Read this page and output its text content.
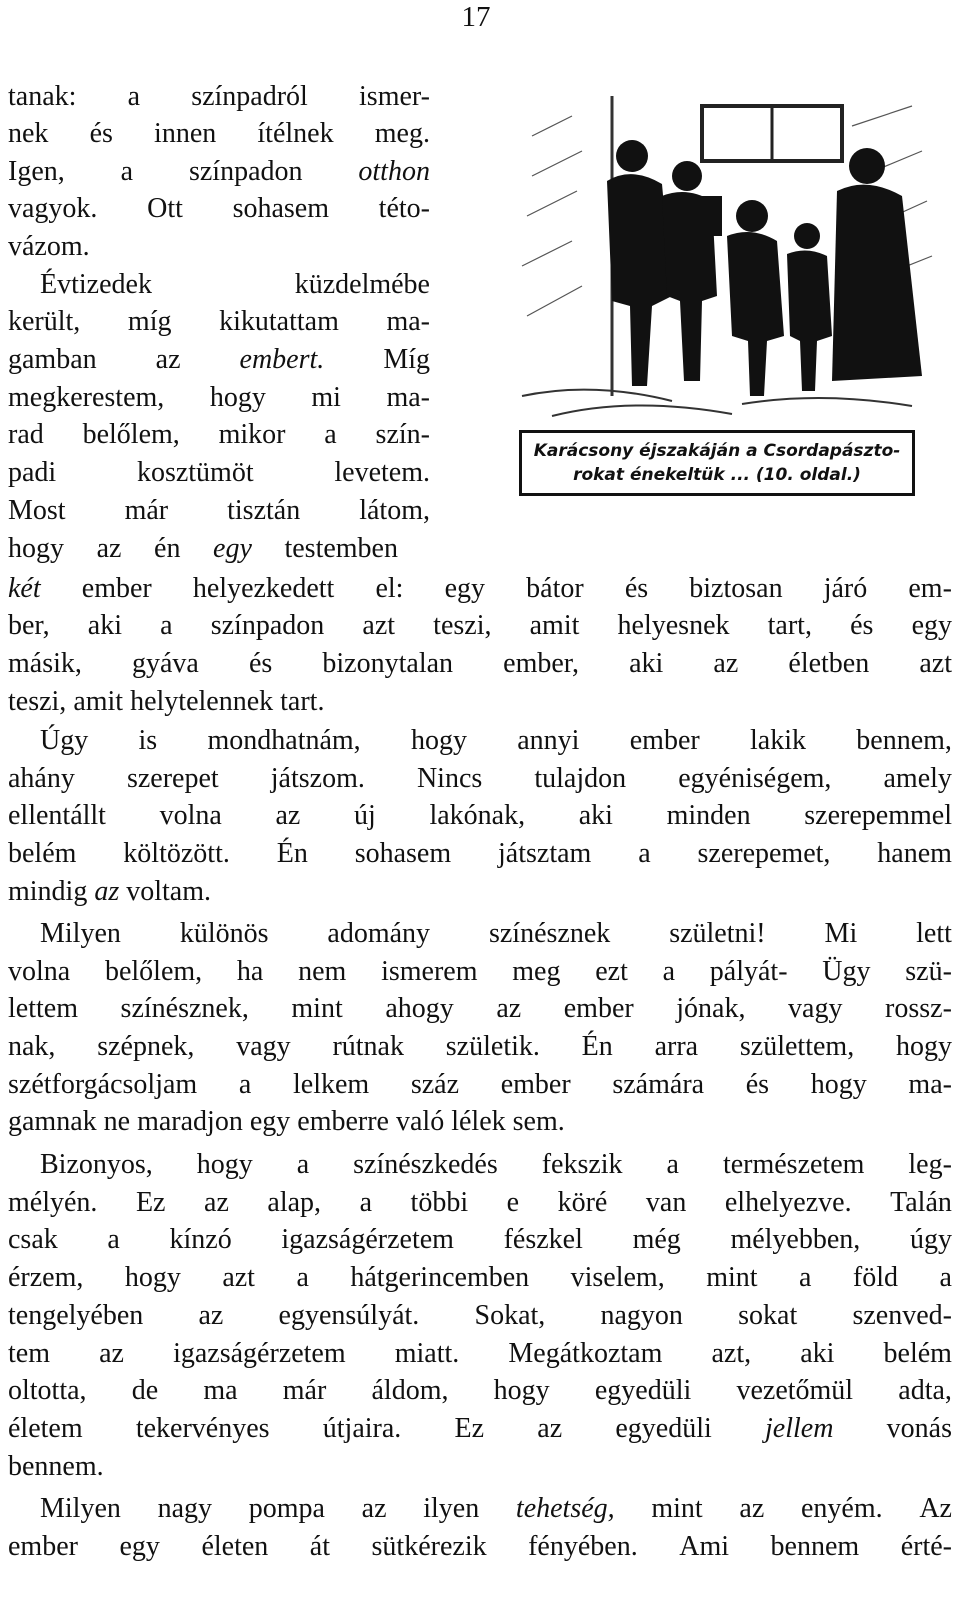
17
Karácsony éjszakáján a Csordapászto-
rokat énekeltük ... (10. oldal.)
tanak: a színpadról ismer-
nek és innen ítélnek meg.
Igen, a színpadon otthon
vagyok. Ott sohasem této-
vázom.
Évtizedek	küzdelmébe
került, míg kikutattam ma-
gamban az embert. Míg
megkerestem, hogy mi ma-
rad belőlem, mikor a szín-
padi	kosztümöt	levetem.
Most már tisztán látom,
hogy az én egy testemben
két ember helyezkedett el: egy bátor és biztosan járó em-
ber, aki a színpadon azt teszi, amit helyesnek tart, és egy
másik, gyáva és bizonytalan ember, aki az életben azt
teszi, amit helytelennek tart.
Úgy is mondhatnám, hogy annyi ember lakik bennem,
ahány szerepet játszom. Nincs tulajdon egyéniségem, amely
ellentállt volna az új lakónak, aki minden szerepemmel
belém költözött. Én sohasem játsztam a szerepemet, hanem
mindig az voltam.
Milyen különös adomány színésznek születni! Mi lett
volna belőlem, ha nem ismerem meg ezt a pályát- Ügy szü-
lettem színésznek, mint ahogy az ember jónak, vagy rossz-
nak, szépnek, vagy rútnak születik. Én arra születtem, hogy
szétforgácsoljam a lelkem száz ember számára és hogy ma-
gamnak ne maradjon egy emberre való lélek sem.
Bizonyos, hogy a színészkedés fekszik a természetem leg-
mélyén. Ez az alap, a többi e köré van elhelyezve. Talán
csak a kínzó igazságérzetem fészkel még mélyebben, úgy
érzem, hogy azt a hátgerincemben viselem, mint a föld a
tengelyében az egyensúlyát. Sokat, nagyon sokat szenved-
tem az igazságérzetem miatt. Megátkoztam azt, aki belém
oltotta, de ma már áldom, hogy egyedüli vezetőmül adta,
életem tekervényes útjaira. Ez az egyedüli jellem vonás
bennem.
Milyen nagy pompa az ilyen tehetség, mint az enyém. Az
ember egy életen át sütkérezik fényében. Ami bennem érté-
